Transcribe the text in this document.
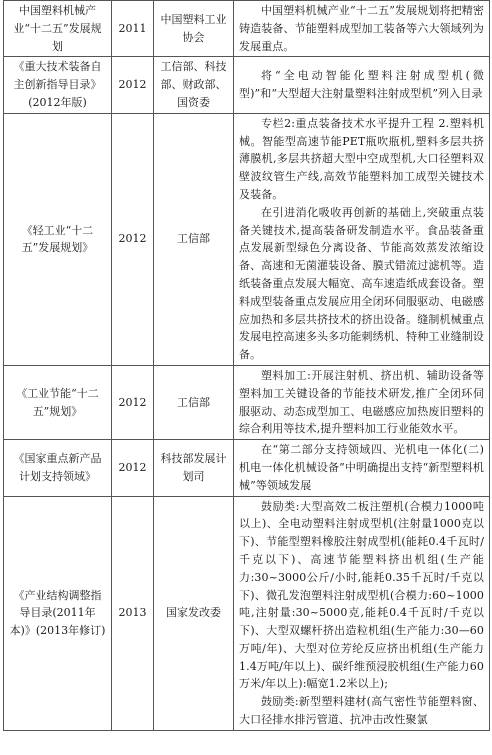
中国塑料机械产业“十二五”发展规划	2011	中国塑料工业协会	中国塑料机械产业“十二五”发展规划将把精密铸造装备、节能塑料成型加工装备等六大领域列为发展重点。

《重大技术装备自主创新指导目录》(2012年版)	2012	工信部、科技部、财政部、国资委	将“全电动智能化塑料注射成型机(微型)”和“大型超大注射量塑料注射成型机”列入目录

《轻工业“十二五”发展规划》	2012	工信部	专栏2:重点装备技术水平提升工程 2.塑料机械。智能型高速节能PET瓶吹瓶机,塑料多层共挤薄膜机,多层共挤超大型中空成型机,大口径塑料双壁波纹管生产线,高效节能塑料加工成型关键技术及装备。
在引进消化吸收再创新的基础上,突破重点装备关键技术,提高装备研发制造水平。食品装备重点发展新型绿色分离设备、节能高效蒸发浓缩设备、高速和无菌灌装设备、膜式错流过滤机等。造纸装备重点发展大幅宽、高车速造纸成套设备。塑料成型装备重点发展应用全闭环伺服驱动、电磁感应加热和多层共挤技术的挤出设备。缝制机械重点发展电控高速多头多功能刺绣机、特种工业缝制设备。

《工业节能“十二五”规划》	2012	工信部	塑料加工:开展注射机、挤出机、辅助设备等塑料加工关键设备的节能技术研发,推广全闭环伺服驱动、动态成型加工、电磁感应加热废旧塑料的综合利用等技术,提升塑料加工行业能效水平。

《国家重点新产品计划支持领域》	2012	科技部发展计划司	在“第二部分支持领域四、光机电一体化(二)机电一体化机械设备”中明确提出支持“新型塑料机械”等领域发展

《产业结构调整指导目录(2011年本)》(2013年修订)	2013	国家发改委	鼓励类:大型高效二板注塑机(合模力1000吨以上)、全电动塑料注射成型机(注射量1000克以下)、节能型塑料橡胶注射成型机(能耗0.4千瓦时/千克以下)、高速节能塑料挤出机组(生产能力:30~3000公斤/小时,能耗0.35千瓦时/千克以下)、微孔发泡塑料注射成型机(合模力:60~1000吨,注射量:30~5000克,能耗0.4千瓦时/千克以下)、大型双螺杆挤出造粒机组(生产能力:30—60万吨/年)、大型对位芳纶反应挤出机组(生产能力1.4万吨/年以上)、碳纤维预浸胶机组(生产能力60万米/年以上):幅宽1.2米以上);
鼓励类:新型塑料建材(高气密性节能塑料窗、大口径排水排污管道、抗冲击改性聚氯
